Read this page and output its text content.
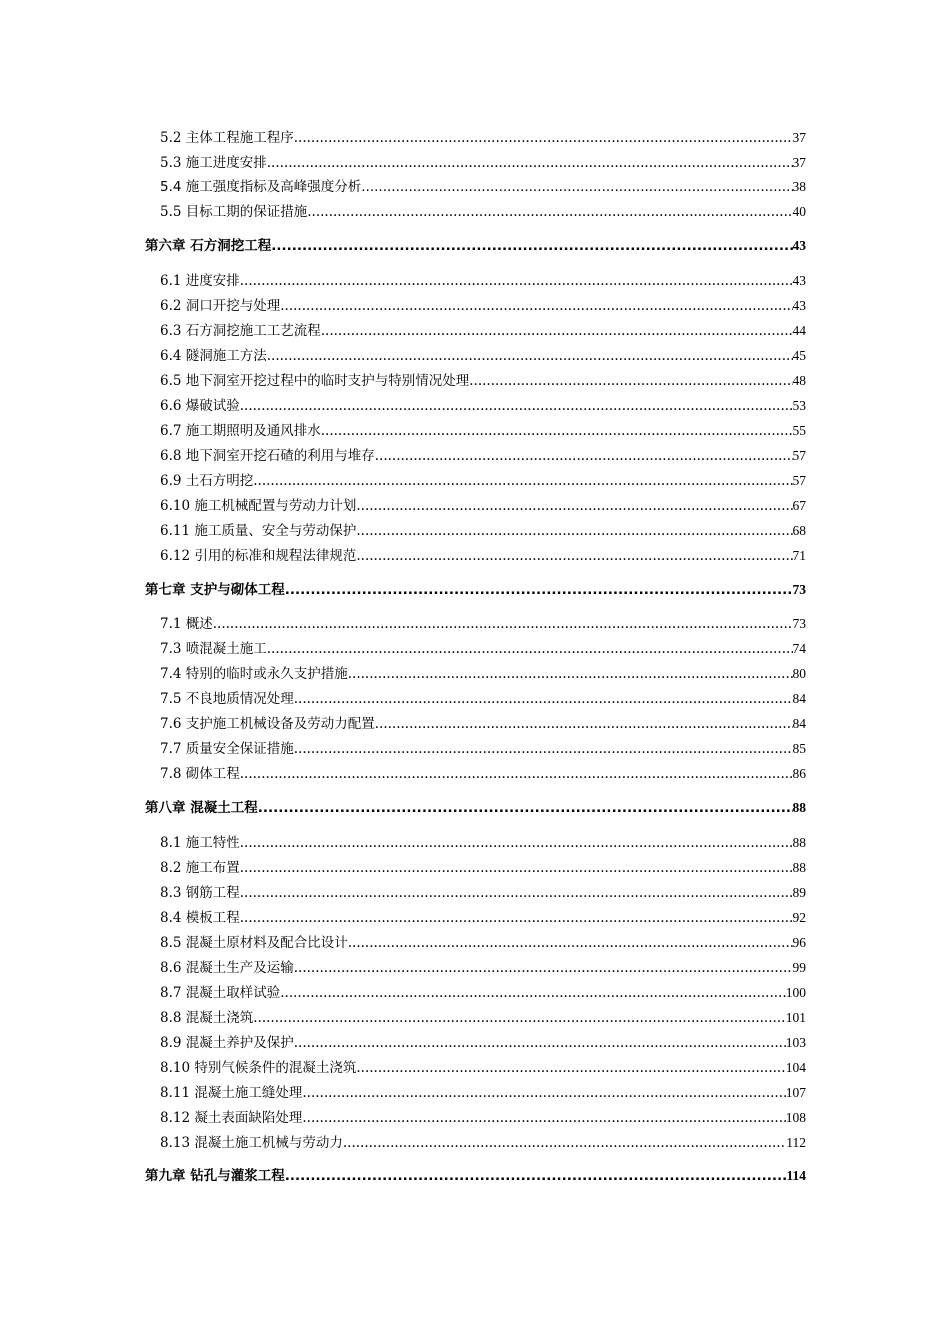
5.2 主体工程施工程序 .....	37
5.3 施工进度安排 .....	37
5.4 施工强度指标及高峰强度分析 .....	38
5.5 目标工期的保证措施 .....	40
第六章 石方洞挖工程 .....	43
6.1 进度安排 .....	43
6.2 洞口开挖与处理 .....	43
6.3 石方洞挖施工工艺流程 .....	44
6.4 隧洞施工方法 .....	45
6.5 地下洞室开挖过程中的临时支护与特别情况处理 .....	48
6.6 爆破试验 .....	53
6.7 施工期照明及通风排水 .....	55
6.8 地下洞室开挖石碴的利用与堆存 .....	57
6.9 土石方明挖 .....	57
6.10 施工机械配置与劳动力计划 .....	67
6.11 施工质量、安全与劳动保护 .....	68
6.12 引用的标准和规程法律规范 .....	71
第七章 支护与砌体工程 .....	73
7.1 概述 .....	73
7.3 喷混凝土施工 .....	74
7.4 特别的临时或永久支护措施 .....	80
7.5 不良地质情况处理 .....	84
7.6 支护施工机械设备及劳动力配置 .....	84
7.7 质量安全保证措施 .....	85
7.8 砌体工程 .....	86
第八章 混凝土工程 .....	88
8.1 施工特性 .....	88
8.2 施工布置 .....	88
8.3 钢筋工程 .....	89
8.4 模板工程 .....	92
8.5 混凝土原材料及配合比设计 .....	96
8.6 混凝土生产及运输 .....	99
8.7 混凝土取样试验 .....	100
8.8 混凝土浇筑 .....	101
8.9 混凝土养护及保护 .....	103
8.10 特别气候条件的混凝土浇筑 .....	104
8.11 混凝土施工缝处理 .....	107
8.12 凝土表面缺陷处理 .....	108
8.13 混凝土施工机械与劳动力 .....	112
第九章 钻孔与灌浆工程 .....	114
